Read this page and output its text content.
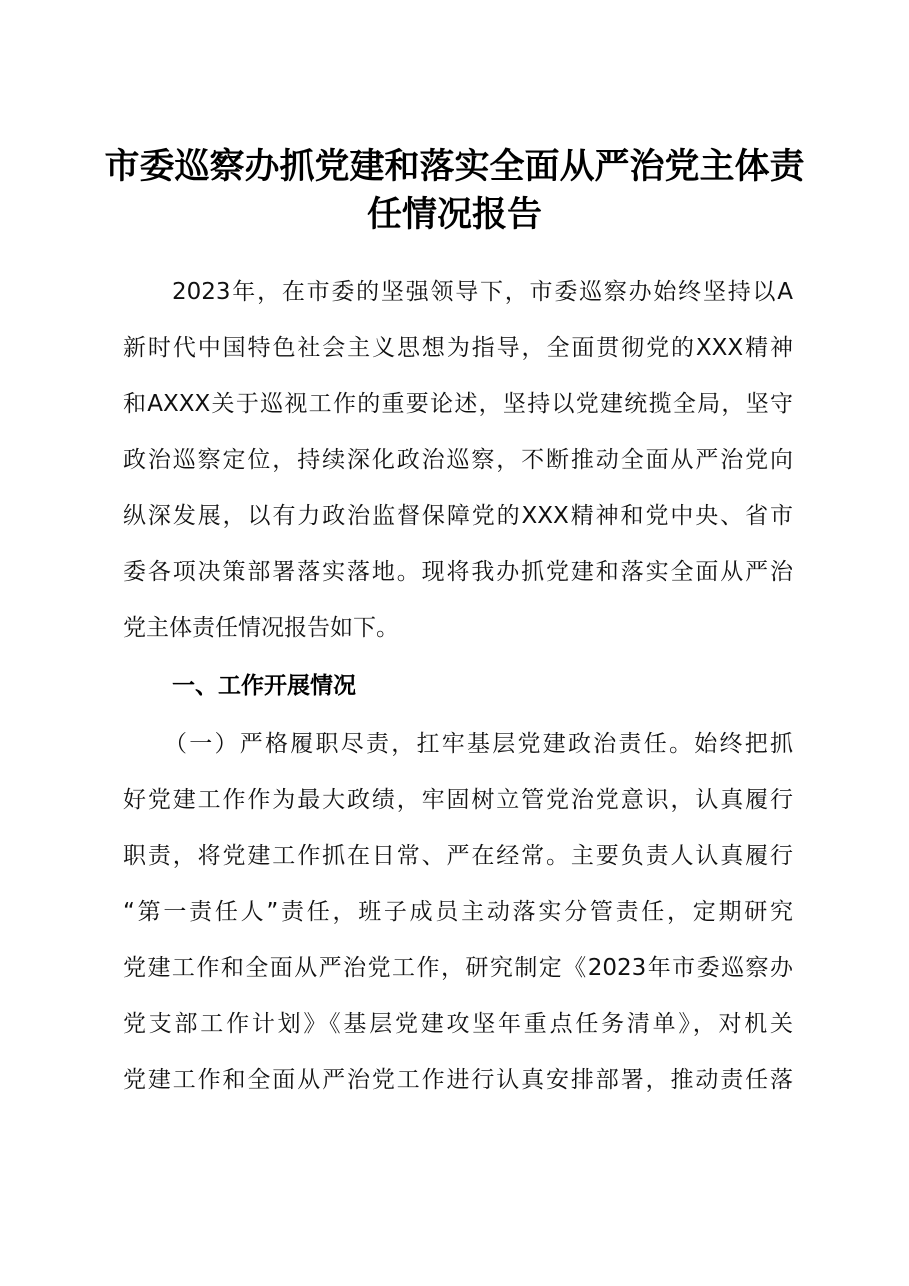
市委巡察办抓党建和落实全面从严治党主体责
任情况报告
2023年，在市委的坚强领导下，市委巡察办始终坚持以A
新时代中国特色社会主义思想为指导，全面贯彻党的XXX精神
和AXXX关于巡视工作的重要论述，坚持以党建统揽全局，坚守
政治巡察定位，持续深化政治巡察，不断推动全面从严治党向
纵深发展，以有力政治监督保障党的XXX精神和党中央、省市
委各项决策部署落实落地。现将我办抓党建和落实全面从严治
党主体责任情况报告如下。
一、工作开展情况
（一）严格履职尽责，扛牢基层党建政治责任。始终把抓
好党建工作作为最大政绩，牢固树立管党治党意识，认真履行
职责，将党建工作抓在日常、严在经常。主要负责人认真履行
“第一责任人”责任，班子成员主动落实分管责任，定期研究
党建工作和全面从严治党工作，研究制定《2023年市委巡察办
党支部工作计划》《基层党建攻坚年重点任务清单》，对机关
党建工作和全面从严治党工作进行认真安排部署，推动责任落
